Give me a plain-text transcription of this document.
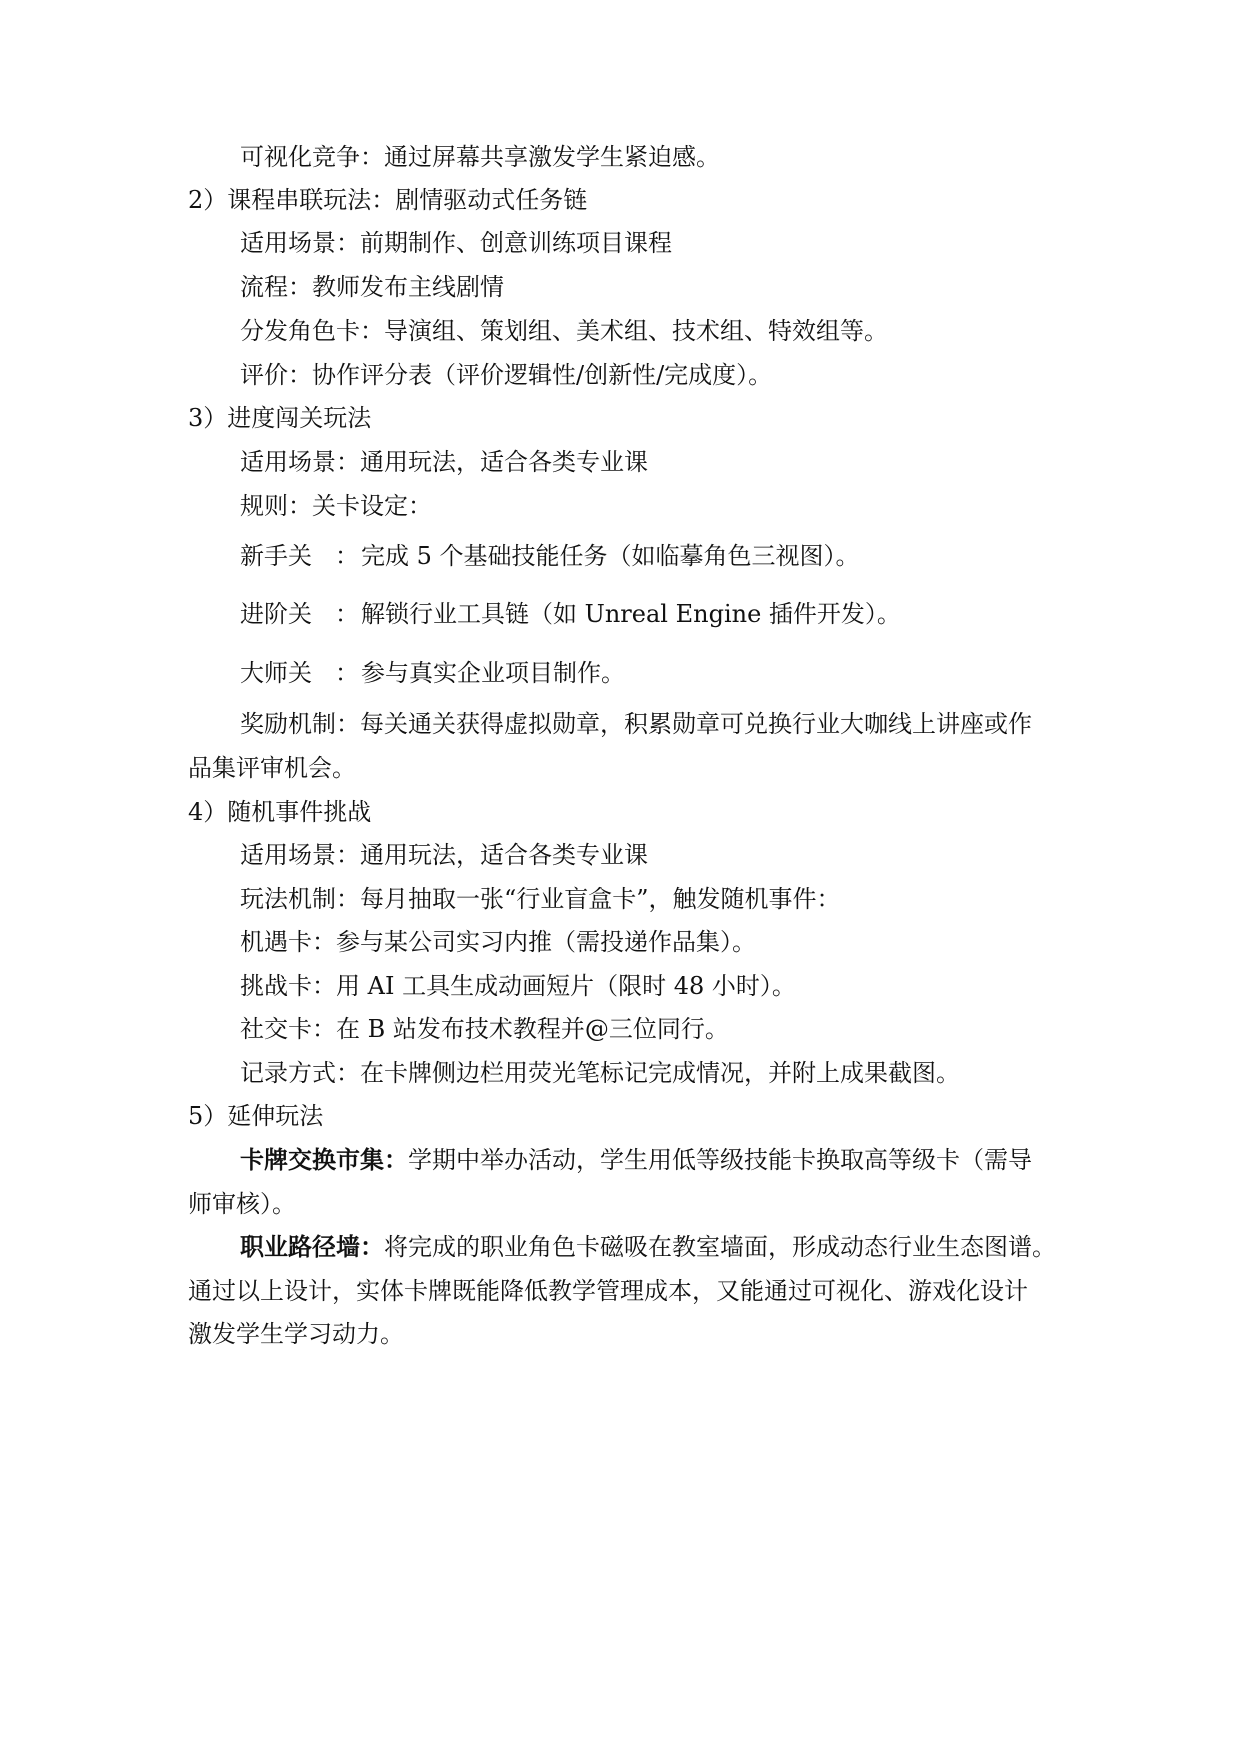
可视化竞争：通过屏幕共享激发学生紧迫感。
2）课程串联玩法：剧情驱动式任务链
适用场景：前期制作、创意训练项目课程
流程：教师发布主线剧情
分发角色卡：导演组、策划组、美术组、技术组、特效组等。
评价：协作评分表（评价逻辑性/创新性/完成度）。
3）进度闯关玩法
适用场景：通用玩法，适合各类专业课
规则：关卡设定：
新手关 ：完成 5 个基础技能任务（如临摹角色三视图）。
进阶关 ：解锁行业工具链（如 Unreal Engine 插件开发）。
大师关 ：参与真实企业项目制作。
奖励机制：每关通关获得虚拟勋章，积累勋章可兑换行业大咖线上讲座或作
品集评审机会。
4）随机事件挑战
适用场景：通用玩法，适合各类专业课
玩法机制：每月抽取一张“行业盲盒卡”，触发随机事件：
机遇卡：参与某公司实习内推（需投递作品集）。
挑战卡：用 AI 工具生成动画短片（限时 48 小时）。
社交卡：在 B 站发布技术教程并@三位同行。
记录方式：在卡牌侧边栏用荧光笔标记完成情况，并附上成果截图。
5）延伸玩法
卡牌交换市集：学期中举办活动，学生用低等级技能卡换取高等级卡（需导
师审核）。
职业路径墙：将完成的职业角色卡磁吸在教室墙面，形成动态行业生态图谱。
通过以上设计，实体卡牌既能降低教学管理成本，又能通过可视化、游戏化设计
激发学生学习动力。
